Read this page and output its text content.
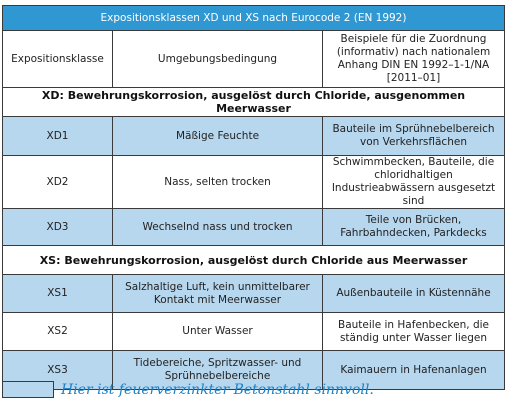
Expositionsklassen XD und XS nach Eurocode 2 (EN 1992)		
Expositionsklasse	Umgebungsbedingung	Beispiele für die Zuordnung (informativ) nach nationalem Anhang DIN EN 1992–1-1/NA [2011–01]
XD: Bewehrungskorrosion, ausgelöst durch Chloride, ausgenommen Meerwasser		
XD1	Mäßige Feuchte	Bauteile im Sprühnebelbereich von Verkehrsflächen
XD2	Nass, selten trocken	Schwimmbecken, Bauteile, die chloridhaltigen Industrieabwässern ausgesetzt sind
XD3	Wechselnd nass und trocken	Teile von Brücken, Fahrbahndecken, Parkdecks
XS: Bewehrungskorrosion, ausgelöst durch Chloride aus Meerwasser		
XS1	Salzhaltige Luft, kein unmittelbarer Kontakt mit Meerwasser	Außenbauteile in Küstennähe
XS2	Unter Wasser	Bauteile in Hafenbecken, die ständig unter Wasser liegen
XS3	Tidebereiche, Spritzwasser- und Sprühnebelbereiche	Kaimauern in Hafenanlagen
Hier ist feuerverzinkter Betonstahl sinnvoll.
